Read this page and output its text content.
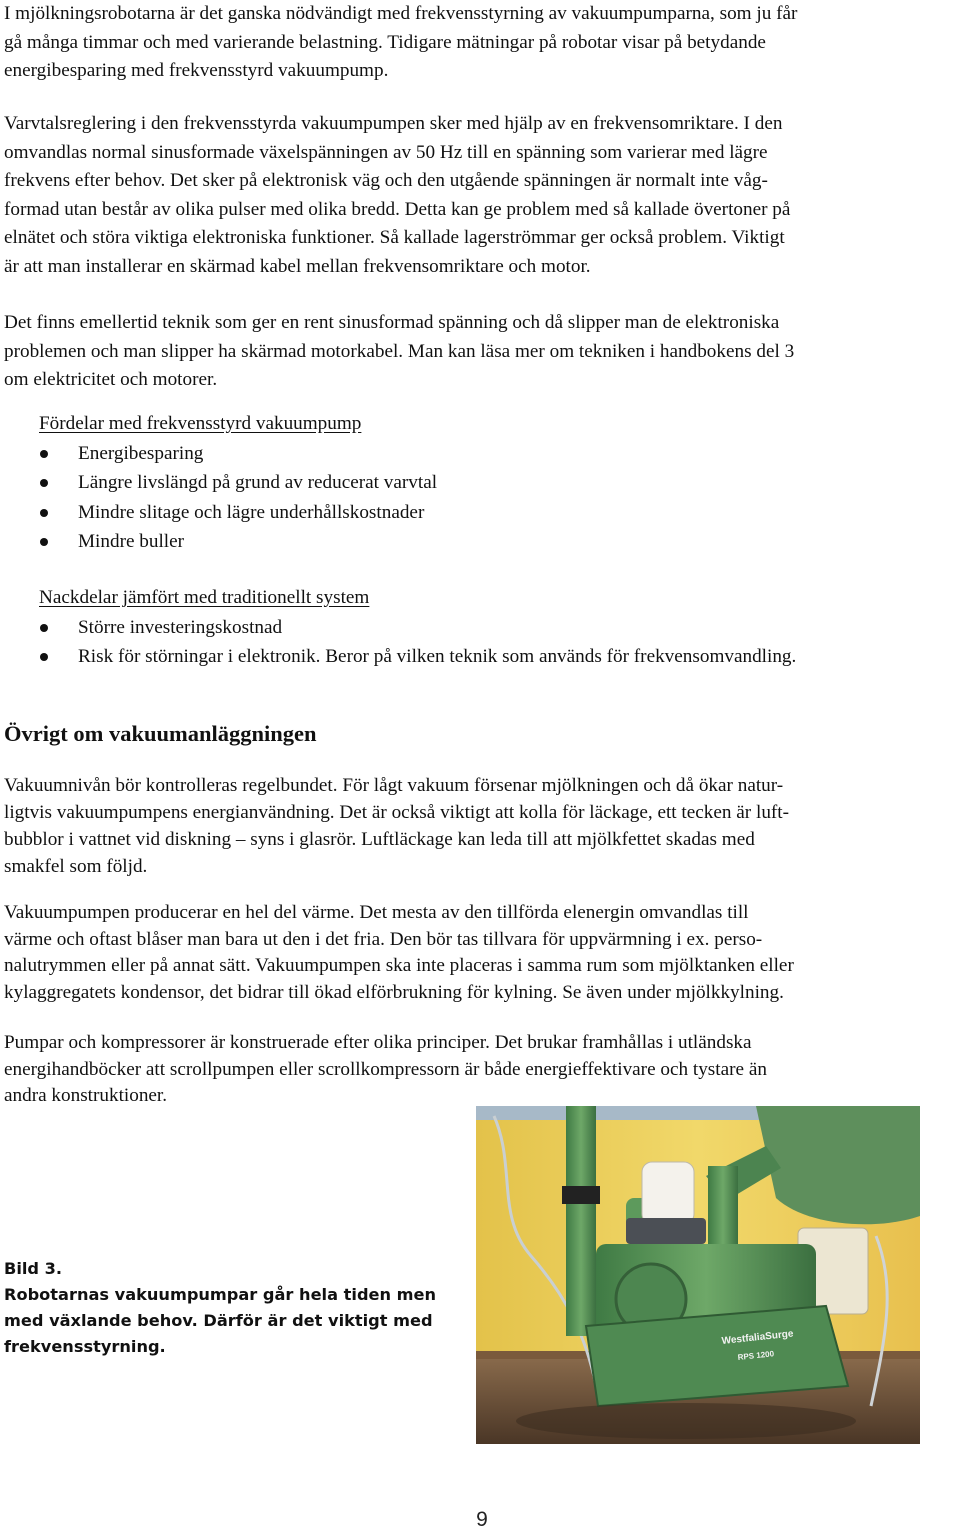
I mjölkningsrobotarna är det ganska nödvändigt med frekvensstyrning av vakuumpumparna, som ju får
gå många timmar och med varierande belastning. Tidigare mätningar på robotar visar på betydande
energibesparing med frekvensstyrd vakuumpump.

Varvtalsreglering i den frekvensstyrda vakuumpumpen sker med hjälp av en frekvensomriktare. I den
omvandlas normal sinusformade växelspänningen av 50 Hz till en spänning som varierar med lägre
frekvens efter behov. Det sker på elektronisk väg och den utgående spänningen är normalt inte våg-
formad utan består av olika pulser med olika bredd. Detta kan ge problem med så kallade övertoner på
elnätet och störa viktiga elektroniska funktioner. Så kallade lagerströmmar ger också problem. Viktigt
är att man installerar en skärmad kabel mellan frekvensomriktare och motor.

Det finns emellertid teknik som ger en rent sinusformad spänning och då slipper man de elektroniska
problemen och man slipper ha skärmad motorkabel. Man kan läsa mer om tekniken i handbokens del 3
om elektricitet och motorer.

Fördelar med frekvensstyrd vakuumpump

Energibesparing
Längre livslängd på grund av reducerat varvtal
Mindre slitage och lägre underhållskostnader
Mindre buller

Nackdelar jämfört med traditionellt system

Större investeringskostnad
Risk för störningar i elektronik. Beror på vilken teknik som används för frekvensomvandling.
Övrigt om vakuumanläggningen

Vakuumnivån bör kontrolleras regelbundet. För lågt vakuum försenar mjölkningen och då ökar natur-
ligtvis vakuumpumpens energianvändning. Det är också viktigt att kolla för läckage, ett tecken är luft-
bubblor i vattnet vid diskning – syns i glasrör. Luftläckage kan leda till att mjölkfettet skadas med
smakfel som följd.

Vakuumpumpen producerar en hel del värme. Det mesta av den tillförda elenergin omvandlas till
värme och oftast blåser man bara ut den i det fria. Den bör tas tillvara för uppvärmning i ex. perso-
nalutrymmen eller på annat sätt. Vakuumpumpen ska inte placeras i samma rum som mjölktanken eller
kylaggregatets kondensor, det bidrar till ökad elförbrukning för kylning. Se även under mjölkkylning.

Pumpar och kompressorer är konstruerade efter olika principer. Det brukar framhållas i utländska
energihandböcker att scrollpumpen eller scrollkompressorn är både energieffektivare och tystare än
andra konstruktioner.

Bild 3.
Robotarnas vakuumpumpar går hela tiden men
med växlande behov. Därför är det viktigt med
frekvensstyrning.	WestfaliaSurge
RPS 1200
9
